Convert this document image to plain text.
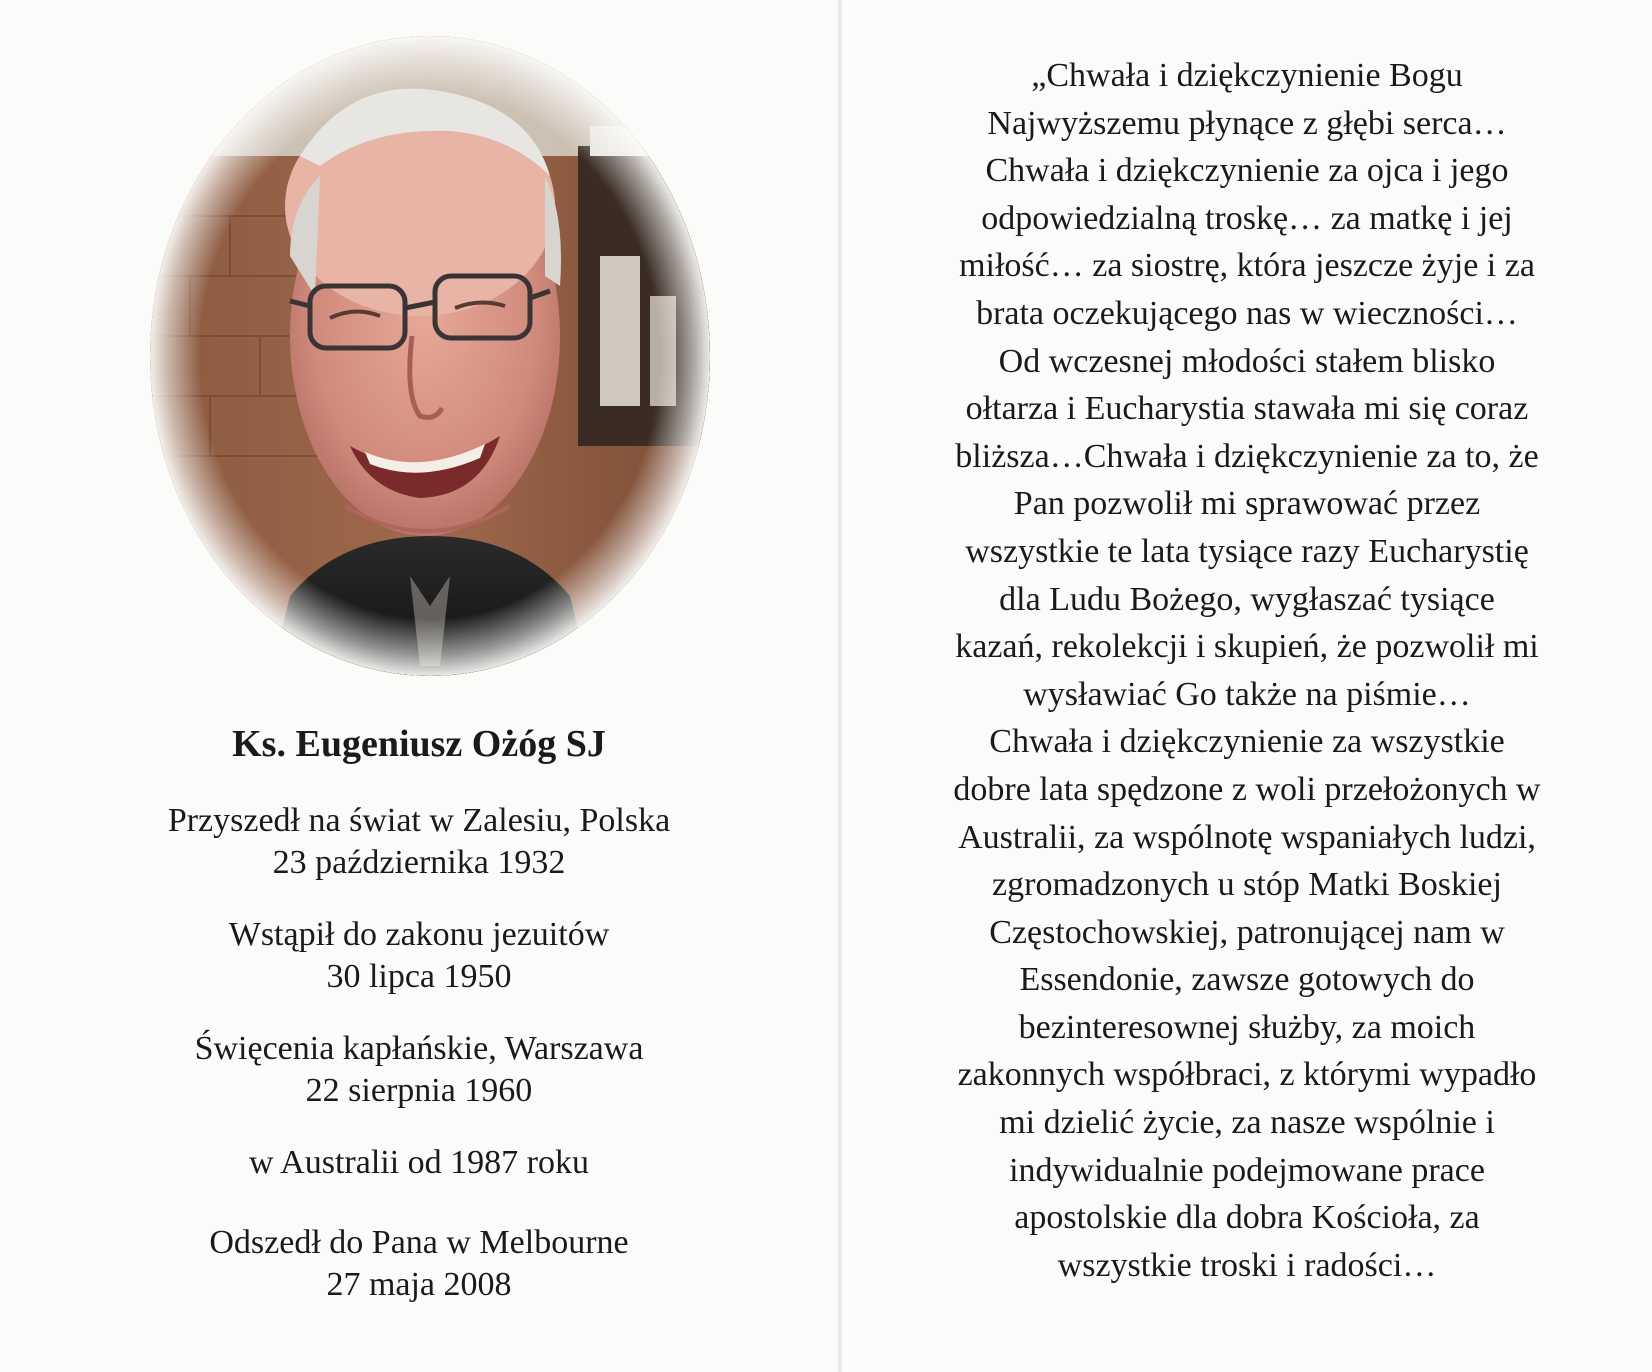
Ks. Eugeniusz Ożóg SJ
Przyszedł na świat w Zalesiu, Polska
23 października 1932
Wstąpił do zakonu jezuitów
30 lipca 1950
Święcenia kapłańskie, Warszawa
22 sierpnia 1960
w Australii od 1987 roku
Odszedł do Pana w Melbourne
27 maja 2008
„Chwała i dziękczynienie Bogu
Najwyższemu płynące z głębi serca…
Chwała i dziękczynienie za ojca i jego
odpowiedzialną troskę… za matkę i jej
miłość… za siostrę, która jeszcze żyje i za
brata oczekującego nas w wieczności…
Od wczesnej młodości stałem blisko
ołtarza i Eucharystia stawała mi się coraz
bliższa…Chwała i dziękczynienie za to, że
Pan pozwolił mi sprawować przez
wszystkie te lata tysiące razy Eucharystię
dla Ludu Bożego, wygłaszać tysiące
kazań, rekolekcji i skupień, że pozwolił mi
wysławiać Go także na piśmie…
Chwała i dziękczynienie za wszystkie
dobre lata spędzone z woli przełożonych w
Australii, za wspólnotę wspaniałych ludzi,
zgromadzonych u stóp Matki Boskiej
Częstochowskiej, patronującej nam w
Essendonie, zawsze gotowych do
bezinteresownej służby, za moich
zakonnych współbraci, z którymi wypadło
mi dzielić życie, za nasze wspólnie i
indywidualnie podejmowane prace
apostolskie dla dobra Kościoła, za
wszystkie troski i radości…
